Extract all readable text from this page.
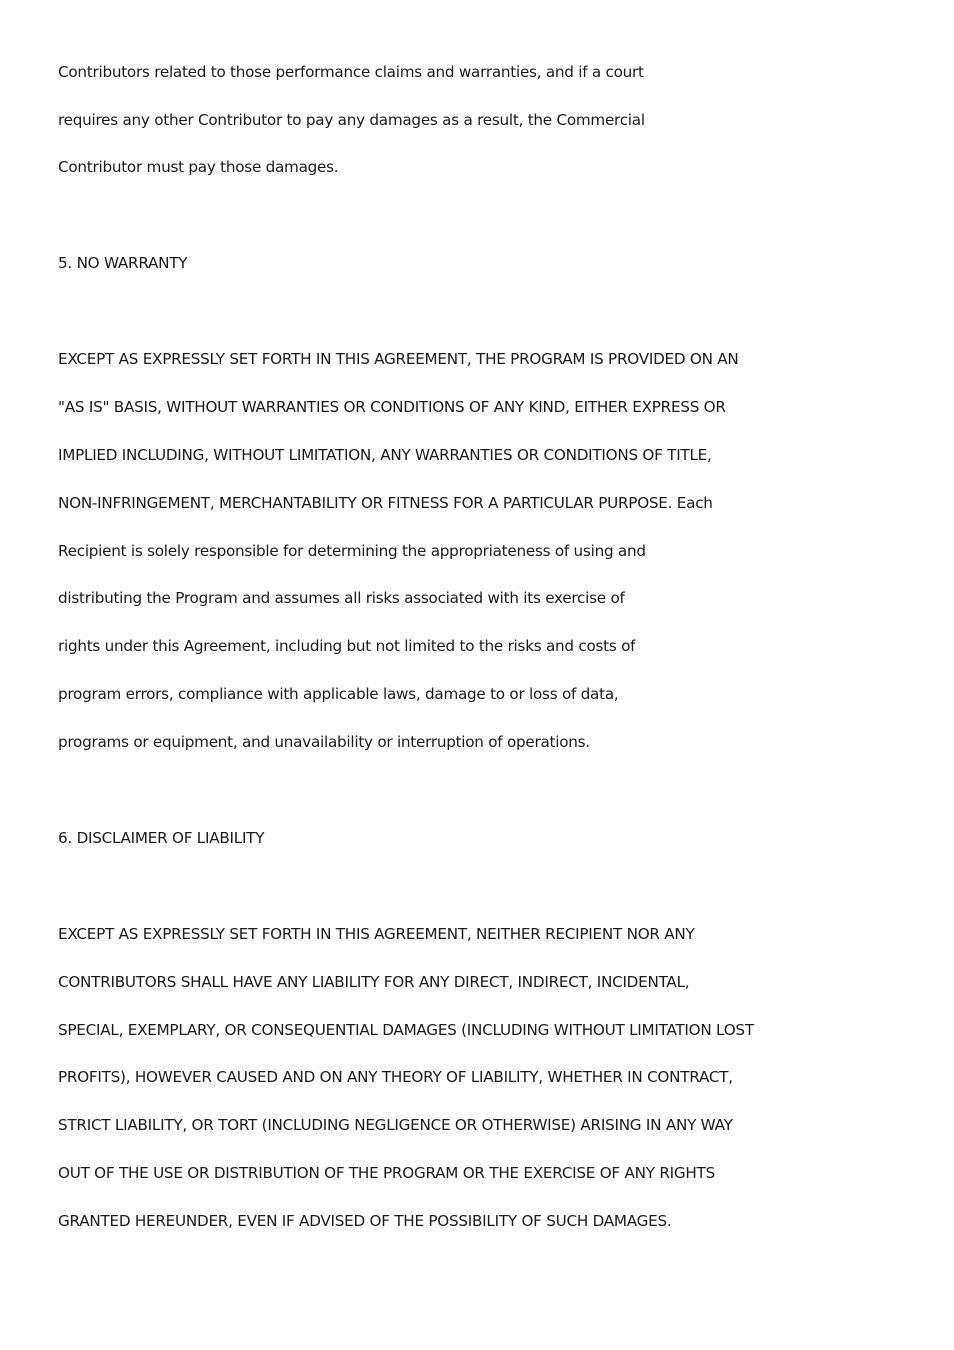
Contributors related to those performance claims and warranties, and if a court
requires any other Contributor to pay any damages as a result, the Commercial
Contributor must pay those damages.
5. NO WARRANTY
EXCEPT AS EXPRESSLY SET FORTH IN THIS AGREEMENT, THE PROGRAM IS PROVIDED ON AN
"AS IS" BASIS, WITHOUT WARRANTIES OR CONDITIONS OF ANY KIND, EITHER EXPRESS OR
IMPLIED INCLUDING, WITHOUT LIMITATION, ANY WARRANTIES OR CONDITIONS OF TITLE,
NON-INFRINGEMENT, MERCHANTABILITY OR FITNESS FOR A PARTICULAR PURPOSE. Each
Recipient is solely responsible for determining the appropriateness of using and
distributing the Program and assumes all risks associated with its exercise of
rights under this Agreement, including but not limited to the risks and costs of
program errors, compliance with applicable laws, damage to or loss of data,
programs or equipment, and unavailability or interruption of operations.
6. DISCLAIMER OF LIABILITY
EXCEPT AS EXPRESSLY SET FORTH IN THIS AGREEMENT, NEITHER RECIPIENT NOR ANY
CONTRIBUTORS SHALL HAVE ANY LIABILITY FOR ANY DIRECT, INDIRECT, INCIDENTAL,
SPECIAL, EXEMPLARY, OR CONSEQUENTIAL DAMAGES (INCLUDING WITHOUT LIMITATION LOST
PROFITS), HOWEVER CAUSED AND ON ANY THEORY OF LIABILITY, WHETHER IN CONTRACT,
STRICT LIABILITY, OR TORT (INCLUDING NEGLIGENCE OR OTHERWISE) ARISING IN ANY WAY
OUT OF THE USE OR DISTRIBUTION OF THE PROGRAM OR THE EXERCISE OF ANY RIGHTS
GRANTED HEREUNDER, EVEN IF ADVISED OF THE POSSIBILITY OF SUCH DAMAGES.
